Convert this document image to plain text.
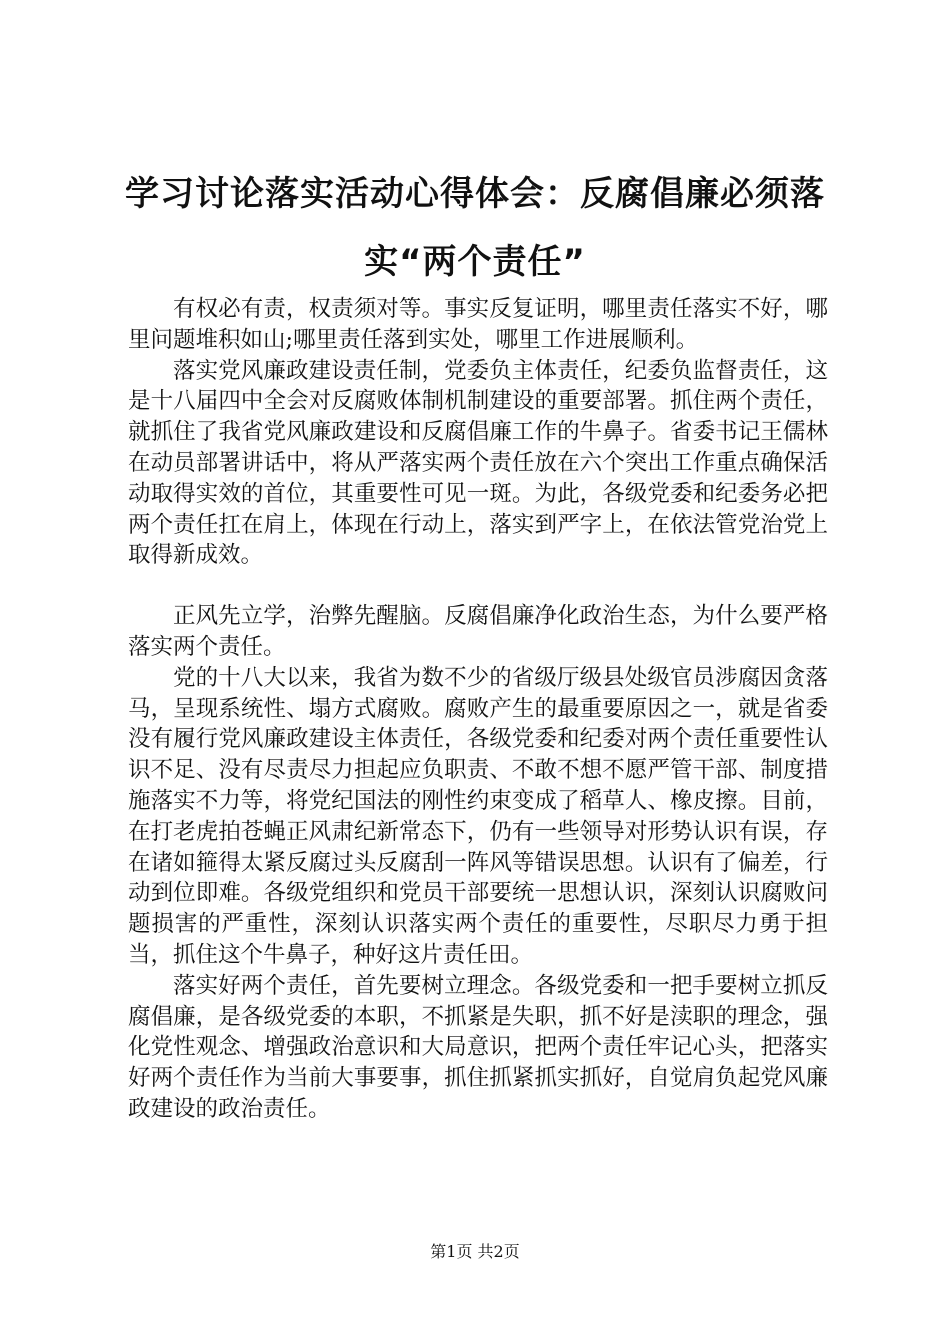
学习讨论落实活动心得体会：反腐倡廉必须落实“两个责任”

有权必有责，权责须对等。事实反复证明，哪里责任落实不好，哪里问题堆积如山;哪里责任落到实处，哪里工作进展顺利。

落实党风廉政建设责任制，党委负主体责任，纪委负监督责任，这是十八届四中全会对反腐败体制机制建设的重要部署。抓住两个责任，就抓住了我省党风廉政建设和反腐倡廉工作的牛鼻子。省委书记王儒林在动员部署讲话中，将从严落实两个责任放在六个突出工作重点确保活动取得实效的首位，其重要性可见一斑。为此，各级党委和纪委务必把两个责任扛在肩上，体现在行动上，落实到严字上，在依法管党治党上取得新成效。

正风先立学，治弊先醒脑。反腐倡廉净化政治生态，为什么要严格落实两个责任。

党的十八大以来，我省为数不少的省级厅级县处级官员涉腐因贪落马，呈现系统性、塌方式腐败。腐败产生的最重要原因之一，就是省委没有履行党风廉政建设主体责任，各级党委和纪委对两个责任重要性认识不足、没有尽责尽力担起应负职责、不敢不想不愿严管干部、制度措施落实不力等，将党纪国法的刚性约束变成了稻草人、橡皮擦。目前，在打老虎拍苍蝇正风肃纪新常态下，仍有一些领导对形势认识有误，存在诸如箍得太紧反腐过头反腐刮一阵风等错误思想。认识有了偏差，行动到位即难。各级党组织和党员干部要统一思想认识，深刻认识腐败问题损害的严重性，深刻认识落实两个责任的重要性，尽职尽力勇于担当，抓住这个牛鼻子，种好这片责任田。

落实好两个责任，首先要树立理念。各级党委和一把手要树立抓反腐倡廉，是各级党委的本职，不抓紧是失职，抓不好是渎职的理念，强化党性观念、增强政治意识和大局意识，把两个责任牢记心头，把落实好两个责任作为当前大事要事，抓住抓紧抓实抓好，自觉肩负起党风廉政建设的政治责任。

第1页 共2页
